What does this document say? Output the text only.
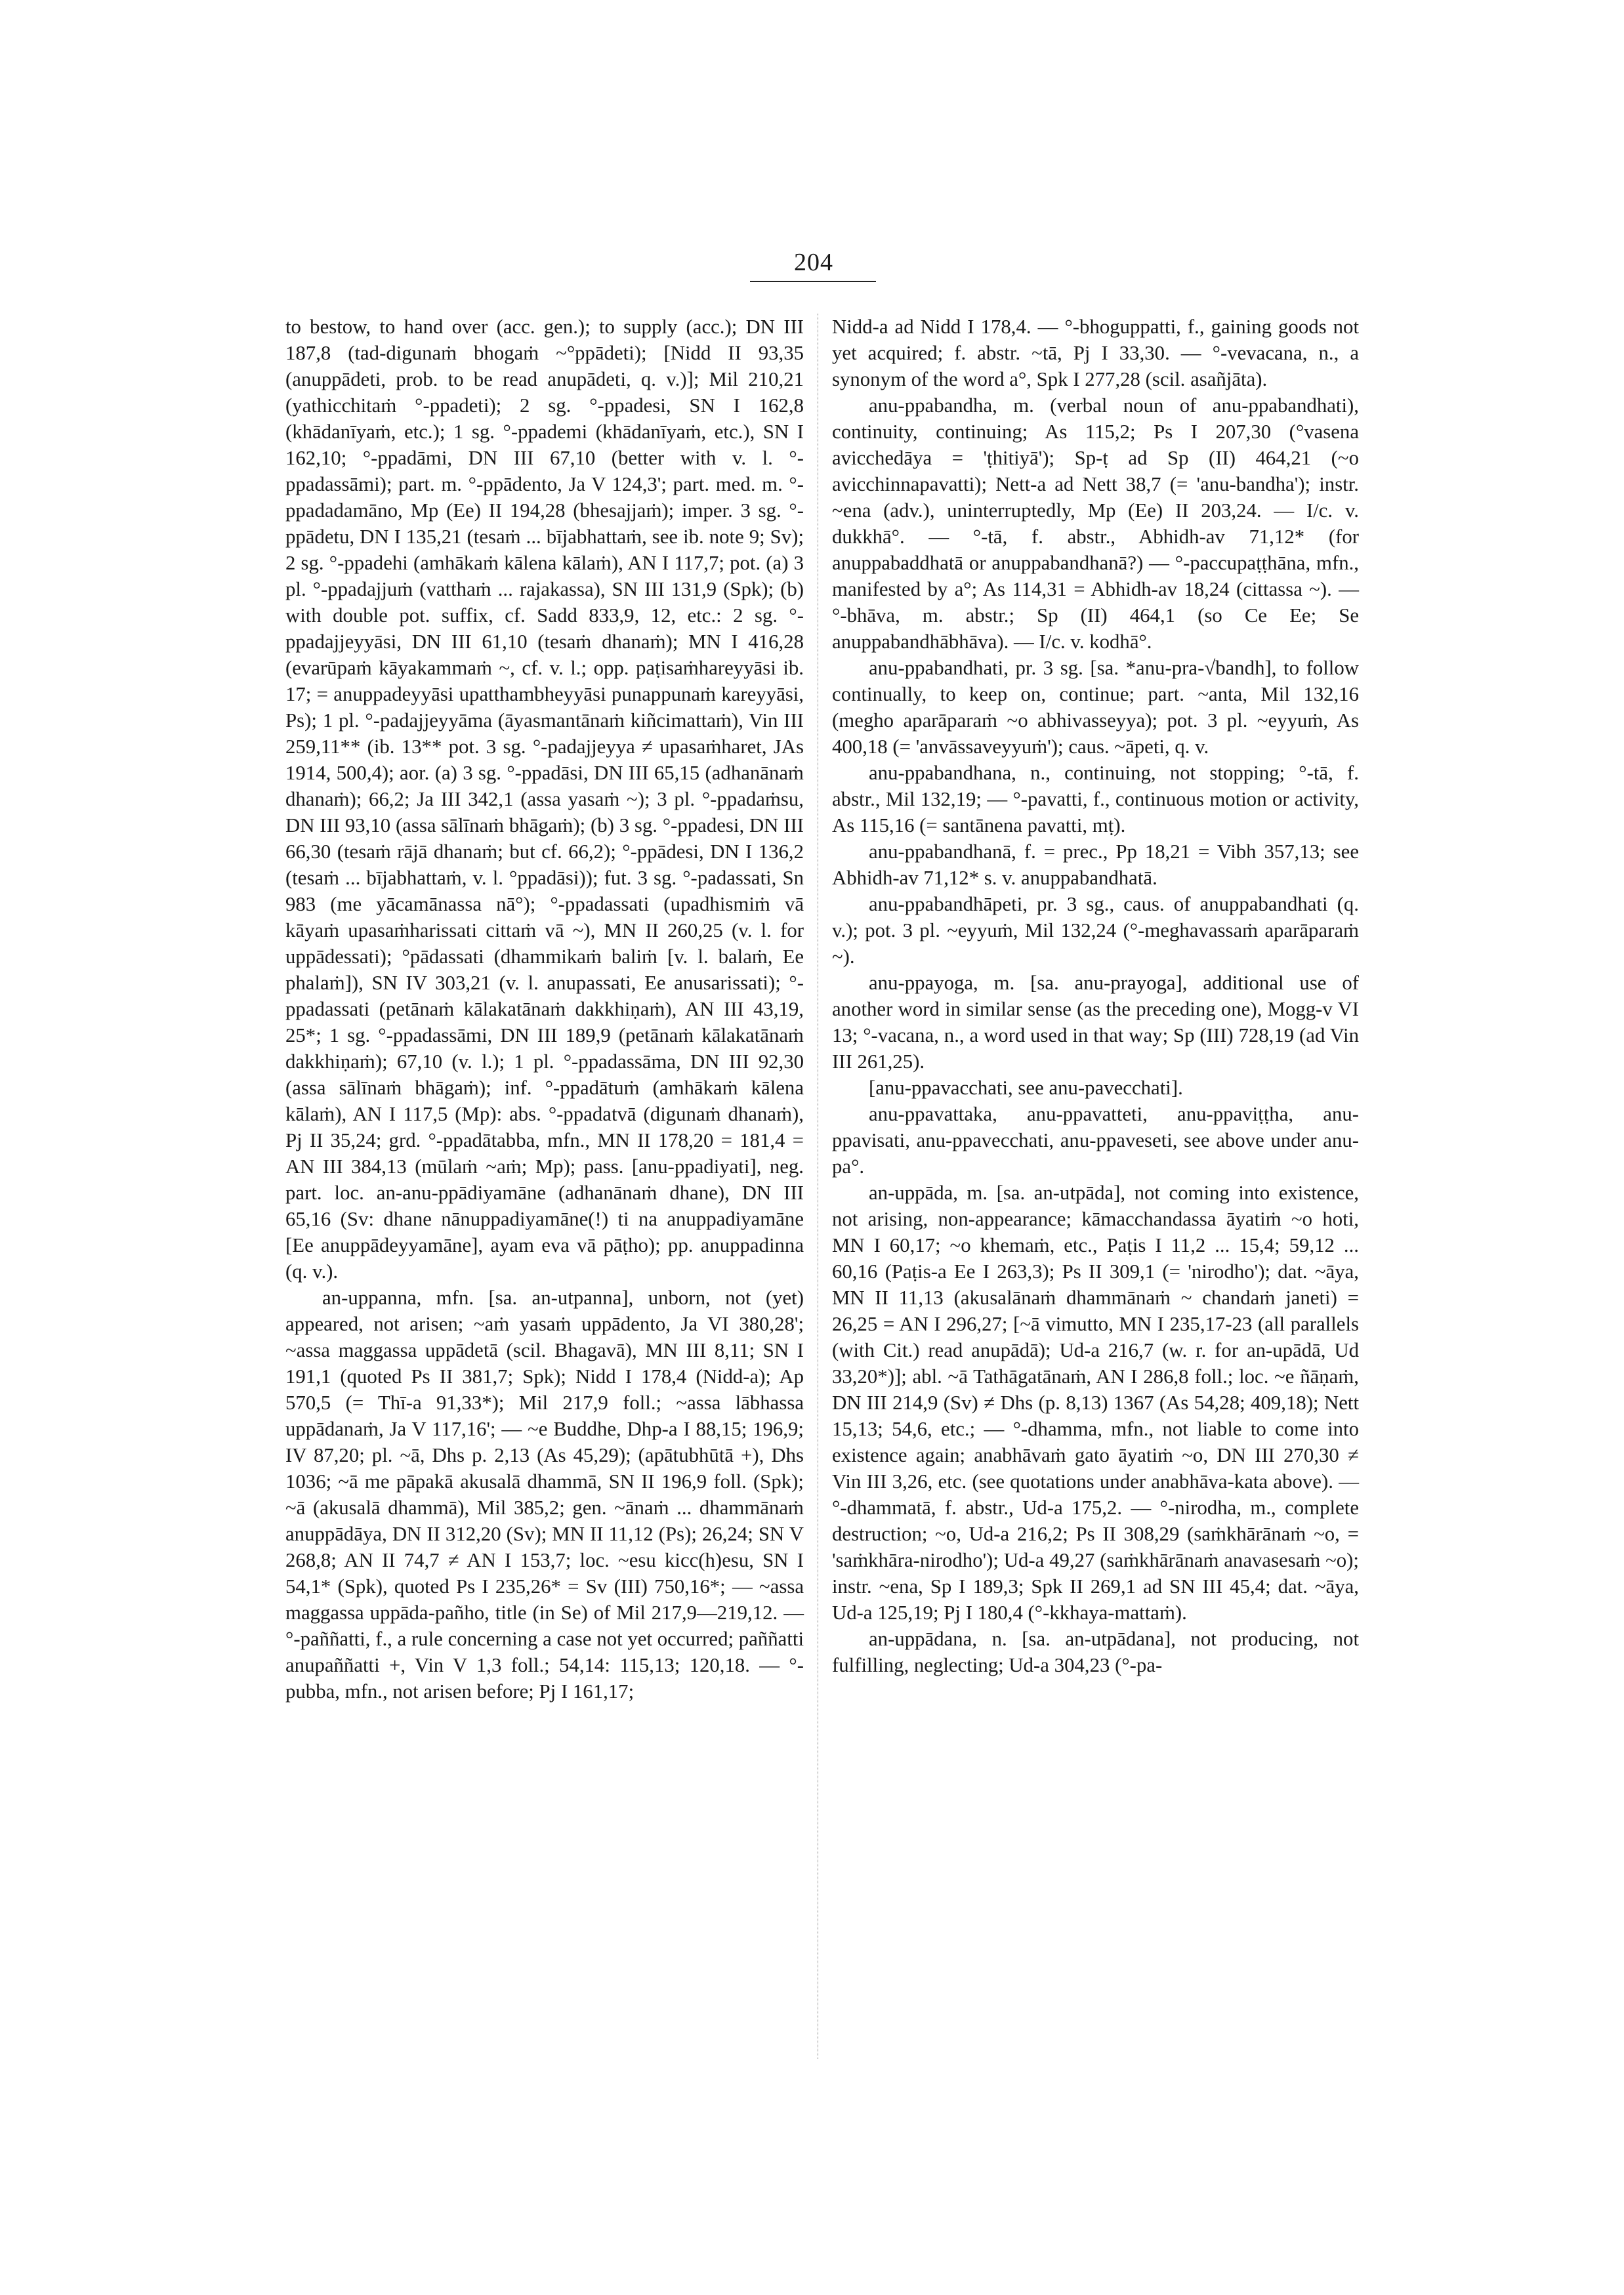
204

to bestow, to hand over (acc. gen.); to supply (acc.); DN III 187,8 (tad-digunaṁ bhogaṁ ~°ppādeti); [Nidd II 93,35 (anuppādeti, prob. to be read anupādeti, q. v.)]; Mil 210,21 (yathicchitaṁ °-ppadeti); 2 sg. °-ppadesi, SN I 162,8 (khādanīyaṁ, etc.); 1 sg. °-ppademi (khādanīyaṁ, etc.), SN I 162,10; °-ppadāmi, DN III 67,10 (better with v. l. °-ppadassāmi); part. m. °-ppādento, Ja V 124,3'; part. med. m. °-ppadadamāno, Mp (Ee) II 194,28 (bhesajjaṁ); imper. 3 sg. °-ppādetu, DN I 135,21 (tesaṁ ... bījabhattaṁ, see ib. note 9; Sv); 2 sg. °-ppadehi (amhākaṁ kālena kālaṁ), AN I 117,7; pot. (a) 3 pl. °-ppadajjuṁ (vatthaṁ ... rajakassa), SN III 131,9 (Spk); (b) with double pot. suffix, cf. Sadd 833,9, 12, etc.: 2 sg. °-ppadajjeyyāsi, DN III 61,10 (tesaṁ dhanaṁ); MN I 416,28 (evarūpaṁ kāyakammaṁ ~, cf. v. l.; opp. paṭisaṁhareyyāsi ib. 17; = anuppadeyyāsi upatthambheyyāsi punappunaṁ kareyyāsi, Ps); 1 pl. °-padajjeyyāma (āyasmantānaṁ kiñcimattaṁ), Vin III 259,11** (ib. 13** pot. 3 sg. °-padajjeyya ≠ upasaṁharet, JAs 1914, 500,4); aor. (a) 3 sg. °-ppadāsi, DN III 65,15 (adhanānaṁ dhanaṁ); 66,2; Ja III 342,1 (assa yasaṁ ~); 3 pl. °-ppadaṁsu, DN III 93,10 (assa sālīnaṁ bhāgaṁ); (b) 3 sg. °-ppadesi, DN III 66,30 (tesaṁ rājā dhanaṁ; but cf. 66,2); °-ppādesi, DN I 136,2 (tesaṁ ... bījabhattaṁ, v. l. °ppadāsi)); fut. 3 sg. °-padassati, Sn 983 (me yācamānassa nā°); °-ppadassati (upadhismiṁ vā kāyaṁ upasaṁharissati cittaṁ vā ~), MN II 260,25 (v. l. for uppādessati); °pādassati (dhammikaṁ baliṁ [v. l. balaṁ, Ee phalaṁ]), SN IV 303,21 (v. l. anupassati, Ee anusarissati); °-ppadassati (petānaṁ kālakatānaṁ dakkhiṇaṁ), AN III 43,19, 25*; 1 sg. °-ppadassāmi, DN III 189,9 (petānaṁ kālakatānaṁ dakkhiṇaṁ); 67,10 (v. l.); 1 pl. °-ppadassāma, DN III 92,30 (assa sālīnaṁ bhāgaṁ); inf. °-ppadātuṁ (amhākaṁ kālena kālaṁ), AN I 117,5 (Mp): abs. °-ppadatvā (digunaṁ dhanaṁ), Pj II 35,24; grd. °-ppadātabba, mfn., MN II 178,20 = 181,4 = AN III 384,13 (mūlaṁ ~aṁ; Mp); pass. [anu-ppadiyati], neg. part. loc. an-anu-ppādiyamāne (adhanānaṁ dhane), DN III 65,16 (Sv: dhane nānuppadiyamāne(!) ti na anuppadiyamāne [Ee anuppādeyyamāne], ayam eva vā pāṭho); pp. anuppadinna (q. v.).

an-uppanna, mfn. [sa. an-utpanna], unborn, not (yet) appeared, not arisen; ~aṁ yasaṁ uppādento, Ja VI 380,28'; ~assa maggassa uppādetā (scil. Bhagavā), MN III 8,11; SN I 191,1 (quoted Ps II 381,7; Spk); Nidd I 178,4 (Nidd-a); Ap 570,5 (= Thī-a 91,33*); Mil 217,9 foll.; ~assa lābhassa uppādanaṁ, Ja V 117,16'; — ~e Buddhe, Dhp-a I 88,15; 196,9; IV 87,20; pl. ~ā, Dhs p. 2,13 (As 45,29); (apātubhūtā +), Dhs 1036; ~ā me pāpakā akusalā dhammā, SN II 196,9 foll. (Spk); ~ā (akusalā dhammā), Mil 385,2; gen. ~ānaṁ ... dhammānaṁ anuppādāya, DN II 312,20 (Sv); MN II 11,12 (Ps); 26,24; SN V 268,8; AN II 74,7 ≠ AN I 153,7; loc. ~esu kicc(h)esu, SN I 54,1* (Spk), quoted Ps I 235,26* = Sv (III) 750,16*; — ~assa maggassa uppāda-pañho, title (in Se) of Mil 217,9—219,12. — °-paññatti, f., a rule concerning a case not yet occurred; paññatti anupaññatti +, Vin V 1,3 foll.; 54,14: 115,13; 120,18. — °-pubba, mfn., not arisen before; Pj I 161,17;

Nidd-a ad Nidd I 178,4. — °-bhoguppatti, f., gaining goods not yet acquired; f. abstr. ~tā, Pj I 33,30. — °-vevacana, n., a synonym of the word a°, Spk I 277,28 (scil. asañjāta).

anu-ppabandha, m. (verbal noun of anu-ppabandhati), continuity, continuing; As 115,2; Ps I 207,30 (°vasena avicchedāya = 'ṭhitiyā'); Sp-ṭ ad Sp (II) 464,21 (~o avicchinnapavatti); Nett-a ad Nett 38,7 (= 'anu-bandha'); instr. ~ena (adv.), uninterruptedly, Mp (Ee) II 203,24. — I/c. v. dukkhā°. — °-tā, f. abstr., Abhidh-av 71,12* (for anuppabaddhatā or anuppabandhanā?) — °-paccupaṭṭhāna, mfn., manifested by a°; As 114,31 = Abhidh-av 18,24 (cittassa ~). — °-bhāva, m. abstr.; Sp (II) 464,1 (so Ce Ee; Se anuppabandhābhāva). — I/c. v. kodhā°.

anu-ppabandhati, pr. 3 sg. [sa. *anu-pra-√bandh], to follow continually, to keep on, continue; part. ~anta, Mil 132,16 (megho aparāparaṁ ~o abhivasseyya); pot. 3 pl. ~eyyuṁ, As 400,18 (= 'anvāssaveyyuṁ'); caus. ~āpeti, q. v.

anu-ppabandhana, n., continuing, not stopping; °-tā, f. abstr., Mil 132,19; — °-pavatti, f., continuous motion or activity, As 115,16 (= santānena pavatti, mṭ).

anu-ppabandhanā, f. = prec., Pp 18,21 = Vibh 357,13; see Abhidh-av 71,12* s. v. anuppabandhatā.

anu-ppabandhāpeti, pr. 3 sg., caus. of anuppabandhati (q. v.); pot. 3 pl. ~eyyuṁ, Mil 132,24 (°-meghavassaṁ aparāparaṁ ~).

anu-ppayoga, m. [sa. anu-prayoga], additional use of another word in similar sense (as the preceding one), Mogg-v VI 13; °-vacana, n., a word used in that way; Sp (III) 728,19 (ad Vin III 261,25).

[anu-ppavacchati, see anu-pavecchati].

anu-ppavattaka, anu-ppavatteti, anu-ppaviṭṭha, anu-ppavisati, anu-ppavecchati, anu-ppaveseti, see above under anu-pa°.

an-uppāda, m. [sa. an-utpāda], not coming into existence, not arising, non-appearance; kāmacchandassa āyatiṁ ~o hoti, MN I 60,17; ~o khemaṁ, etc., Paṭis I 11,2 ... 15,4; 59,12 ... 60,16 (Paṭis-a Ee I 263,3); Ps II 309,1 (= 'nirodho'); dat. ~āya, MN II 11,13 (akusalānaṁ dhammānaṁ ~ chandaṁ janeti) = 26,25 = AN I 296,27; [~ā vimutto, MN I 235,17-23 (all parallels (with Cit.) read anupādā); Ud-a 216,7 (w. r. for an-upādā, Ud 33,20*)]; abl. ~ā Tathāgatānaṁ, AN I 286,8 foll.; loc. ~e ñāṇaṁ, DN III 214,9 (Sv) ≠ Dhs (p. 8,13) 1367 (As 54,28; 409,18); Nett 15,13; 54,6, etc.; — °-dhamma, mfn., not liable to come into existence again; anabhāvaṁ gato āyatiṁ ~o, DN III 270,30 ≠ Vin III 3,26, etc. (see quotations under anabhāva-kata above). — °-dhammatā, f. abstr., Ud-a 175,2. — °-nirodha, m., complete destruction; ~o, Ud-a 216,2; Ps II 308,29 (saṁkhārānaṁ ~o, = 'saṁkhāra-nirodho'); Ud-a 49,27 (saṁkhārānaṁ anavasesaṁ ~o); instr. ~ena, Sp I 189,3; Spk II 269,1 ad SN III 45,4; dat. ~āya, Ud-a 125,19; Pj I 180,4 (°-kkhaya-mattaṁ).

an-uppādana, n. [sa. an-utpādana], not producing, not fulfilling, neglecting; Ud-a 304,23 (°-pa-
